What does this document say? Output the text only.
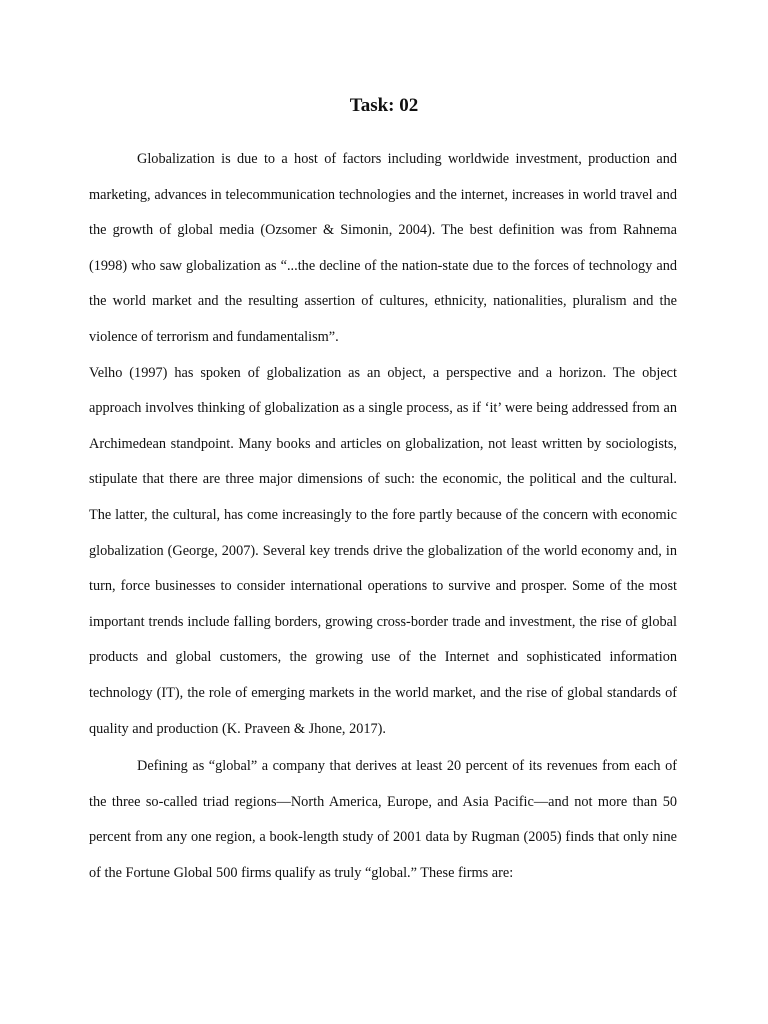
Task: 02

Globalization is due to a host of factors including worldwide investment, production and marketing, advances in telecommunication technologies and the internet, increases in world travel and the growth of global media (Ozsomer & Simonin, 2004). The best definition was from Rahnema (1998) who saw globalization as “...the decline of the nation-state due to the forces of technology and the world market and the resulting assertion of cultures, ethnicity, nationalities, pluralism and the violence of terrorism and fundamentalism”.

Velho (1997) has spoken of globalization as an object, a perspective and a horizon. The object approach involves thinking of globalization as a single process, as if ‘it’ were being addressed from an Archimedean standpoint. Many books and articles on globalization, not least written by sociologists, stipulate that there are three major dimensions of such: the economic, the political and the cultural. The latter, the cultural, has come increasingly to the fore partly because of the concern with economic globalization (George, 2007). Several key trends drive the globalization of the world economy and, in turn, force businesses to consider international operations to survive and prosper. Some of the most important trends include falling borders, growing cross-border trade and investment, the rise of global products and global customers, the growing use of the Internet and sophisticated information technology (IT), the role of emerging markets in the world market, and the rise of global standards of quality and production (K. Praveen & Jhone, 2017).

Defining as “global” a company that derives at least 20 percent of its revenues from each of the three so-called triad regions—North America, Europe, and Asia Pacific—and not more than 50 percent from any one region, a book-length study of 2001 data by Rugman (2005) finds that only nine of the Fortune Global 500 firms qualify as truly “global.” These firms are:
